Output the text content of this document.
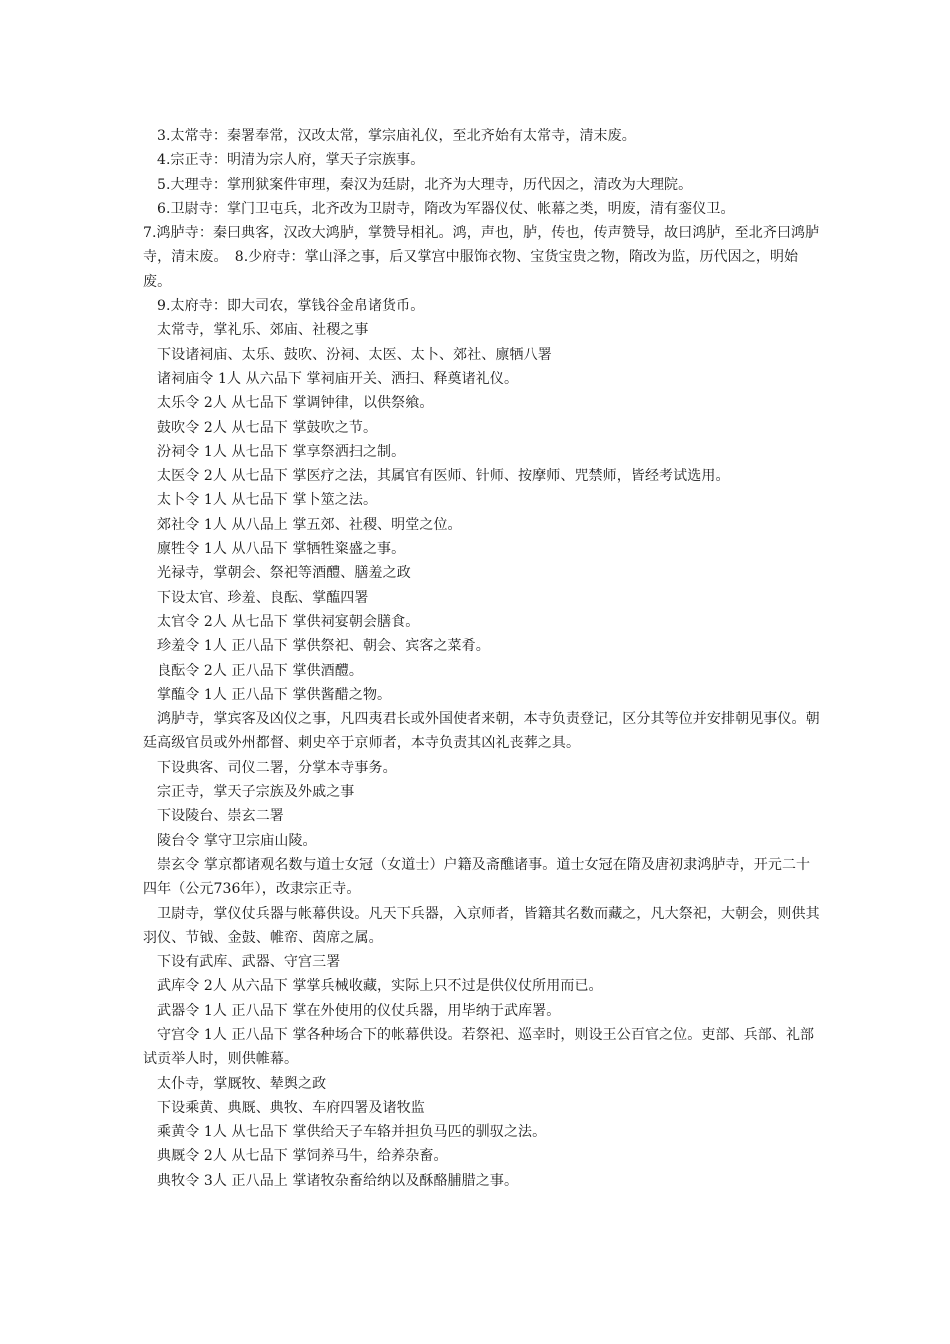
3.太常寺：秦署奉常，汉改太常，掌宗庙礼仪，至北齐始有太常寺，清末废。

4.宗正寺：明清为宗人府，掌天子宗族事。

5.大理寺：掌刑狱案件审理，秦汉为廷尉，北齐为大理寺，历代因之，清改为大理院。

6.卫尉寺：掌门卫屯兵，北齐改为卫尉寺，隋改为军器仪仗、帐幕之类，明废，清有銮仪卫。

7.鸿胪寺：秦曰典客，汉改大鸿胪，掌赞导相礼。鸿，声也，胪，传也，传声赞导，故曰鸿胪，至北齐曰鸿胪寺，清末废。　8.少府寺：掌山泽之事，后又掌宫中服饰衣物、宝货宝贵之物，隋改为监，历代因之，明始废。

9.太府寺：即大司农，掌钱谷金帛诸货币。

太常寺，掌礼乐、郊庙、社稷之事

下设诸祠庙、太乐、鼓吹、汾祠、太医、太卜、郊社、廪牺八署

诸祠庙令 1人 从六品下 掌祠庙开关、洒扫、释奠诸礼仪。

太乐令 2人 从七品下 掌调钟律，以供祭飨。

鼓吹令 2人 从七品下 掌鼓吹之节。

汾祠令 1人 从七品下 掌享祭洒扫之制。

太医令 2人 从七品下 掌医疗之法，其属官有医师、针师、按摩师、咒禁师，皆经考试选用。

太卜令 1人 从七品下 掌卜筮之法。

郊社令 1人 从八品上 掌五郊、社稷、明堂之位。

廪牲令 1人 从八品下 掌牺牲粢盛之事。

光禄寺，掌朝会、祭祀等酒醴、膳羞之政

下设太官、珍羞、良酝、掌醢四署

太官令 2人 从七品下 掌供祠宴朝会膳食。

珍羞令 1人 正八品下 掌供祭祀、朝会、宾客之菜肴。

良酝令 2人 正八品下 掌供酒醴。

掌醢令 1人 正八品下 掌供酱醋之物。

鸿胪寺，掌宾客及凶仪之事，凡四夷君长或外国使者来朝，本寺负责登记，区分其等位并安排朝见事仪。朝廷高级官员或外州都督、刺史卒于京师者，本寺负责其凶礼丧葬之具。

下设典客、司仪二署，分掌本寺事务。

宗正寺，掌天子宗族及外戚之事

下设陵台、崇玄二署

陵台令 掌守卫宗庙山陵。

崇玄令 掌京都诸观名数与道士女冠（女道士）户籍及斋醮诸事。道士女冠在隋及唐初隶鸿胪寺，开元二十四年（公元736年），改隶宗正寺。

卫尉寺，掌仪仗兵器与帐幕供设。凡天下兵器，入京师者，皆籍其名数而藏之，凡大祭祀，大朝会，则供其羽仪、节钺、金鼓、帷帟、茵席之属。

下设有武库、武器、守宫三署

武库令 2人 从六品下 掌掌兵械收藏，实际上只不过是供仪仗所用而已。

武器令 1人 正八品下 掌在外使用的仪仗兵器，用毕纳于武库署。

守宫令 1人 正八品下 掌各种场合下的帐幕供设。若祭祀、巡幸时，则设王公百官之位。吏部、兵部、礼部试贡举人时，则供帷幕。

太仆寺，掌厩牧、辇舆之政

下设乘黄、典厩、典牧、车府四署及诸牧监

乘黄令 1人 从七品下 掌供给天子车辂并担负马匹的驯驭之法。

典厩令 2人 从七品下 掌饲养马牛，给养杂畜。

典牧令 3人 正八品上 掌诸牧杂畜给纳以及酥酪脯腊之事。
